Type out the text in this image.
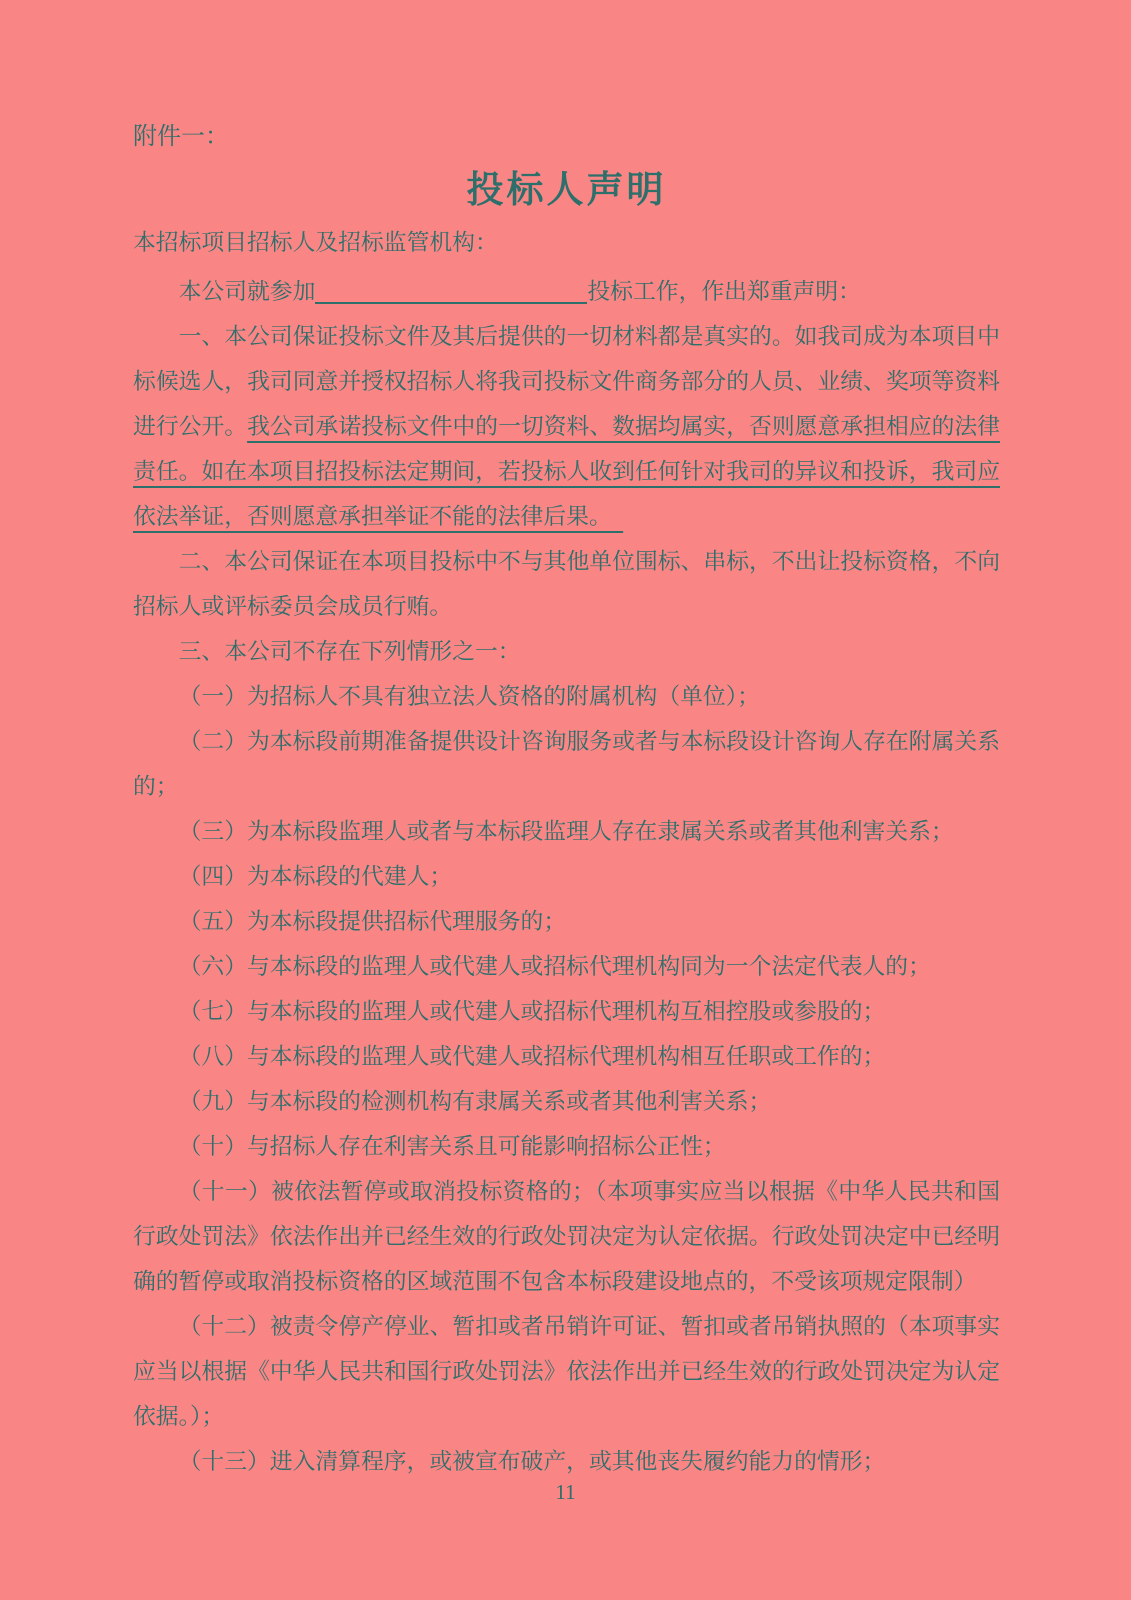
附件一：

投标人声明

本招标项目招标人及招标监管机构：

本公司就参加	投标工作，作出郑重声明：

一、本公司保证投标文件及其后提供的一切材料都是真实的。如我司成为本项目中标候选人，我司同意并授权招标人将我司投标文件商务部分的人员、业绩、奖项等资料进行公开。我公司承诺投标文件中的一切资料、数据均属实，否则愿意承担相应的法律责任。如在本项目招投标法定期间，若投标人收到任何针对我司的异议和投诉，我司应依法举证，否则愿意承担举证不能的法律后果。　

二、本公司保证在本项目投标中不与其他单位围标、串标，不出让投标资格，不向招标人或评标委员会成员行贿。

三、本公司不存在下列情形之一：

（一）为招标人不具有独立法人资格的附属机构（单位）；

（二）为本标段前期准备提供设计咨询服务或者与本标段设计咨询人存在附属关系的；

（三）为本标段监理人或者与本标段监理人存在隶属关系或者其他利害关系；

（四）为本标段的代建人；

（五）为本标段提供招标代理服务的；

（六）与本标段的监理人或代建人或招标代理机构同为一个法定代表人的；

（七）与本标段的监理人或代建人或招标代理机构互相控股或参股的；

（八）与本标段的监理人或代建人或招标代理机构相互任职或工作的；

（九）与本标段的检测机构有隶属关系或者其他利害关系；

（十）与招标人存在利害关系且可能影响招标公正性；

（十一）被依法暂停或取消投标资格的；（本项事实应当以根据《中华人民共和国行政处罚法》依法作出并已经生效的行政处罚决定为认定依据。行政处罚决定中已经明确的暂停或取消投标资格的区域范围不包含本标段建设地点的，不受该项规定限制）

（十二）被责令停产停业、暂扣或者吊销许可证、暂扣或者吊销执照的（本项事实应当以根据《中华人民共和国行政处罚法》依法作出并已经生效的行政处罚决定为认定依据。）；

（十三）进入清算程序，或被宣布破产，或其他丧失履约能力的情形；

11
